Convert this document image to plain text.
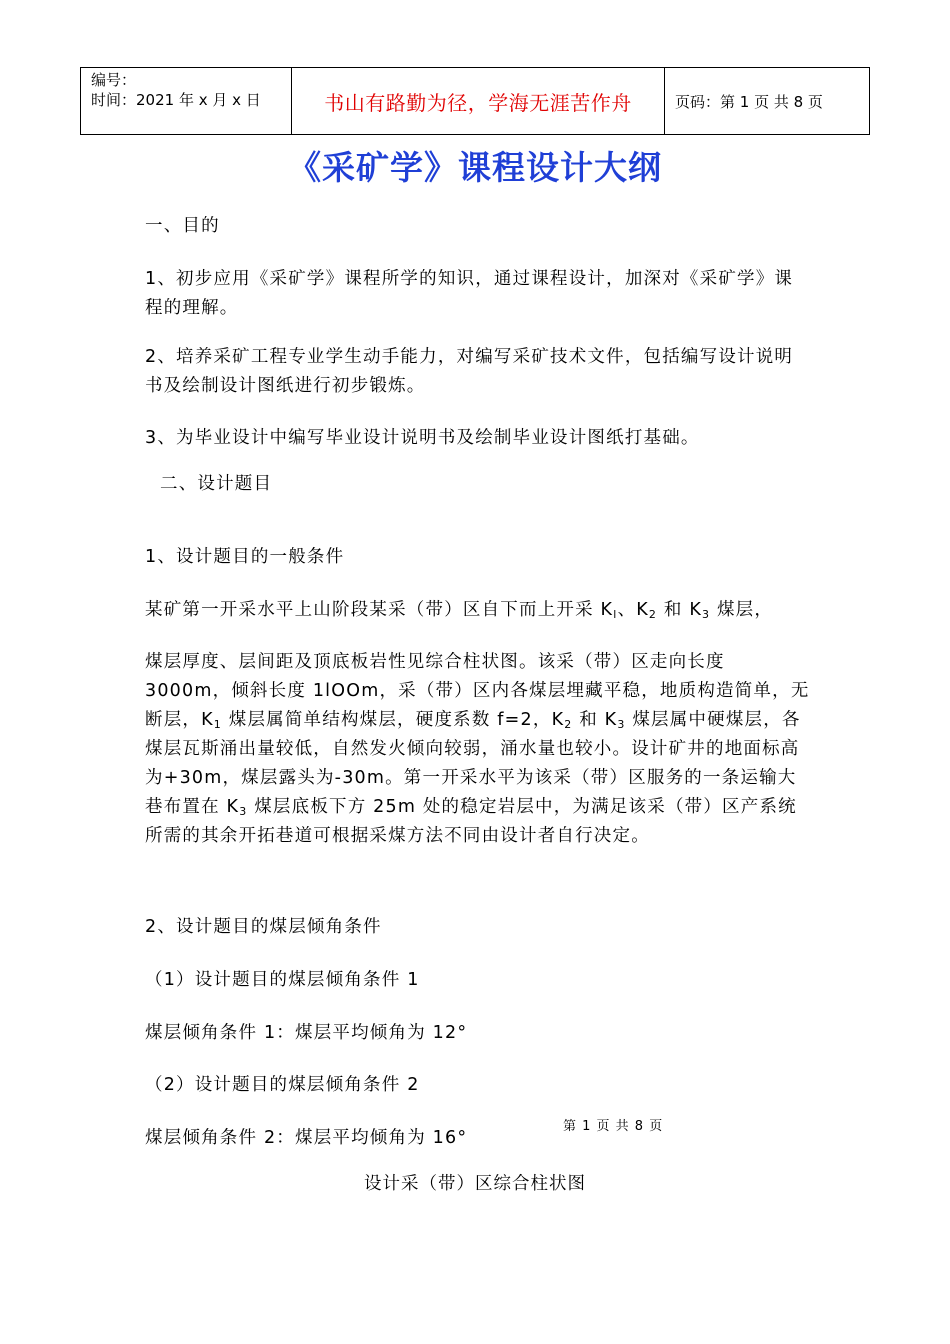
编号：
时间：2021 年 x 月 x 日	书山有路勤为径，学海无涯苦作舟	页码：第 1 页 共 8 页
《采矿学》课程设计大纲

一、目的

1、初步应用《采矿学》课程所学的知识，通过课程设计，加深对《采矿学》课程的理解。

2、培养采矿工程专业学生动手能力，对编写采矿技术文件，包括编写设计说明书及绘制设计图纸进行初步锻炼。

3、为毕业设计中编写毕业设计说明书及绘制毕业设计图纸打基础。

二、设计题目

1、设计题目的一般条件

某矿第一开采水平上山阶段某采（带）区自下而上开采 $K_l$、$K_2$ 和 $K_3$ 煤层，

煤层厚度、层间距及顶底板岩性见综合柱状图。该采（带）区走向长度 3000m，倾斜长度 1lOOm，采（带）区内各煤层埋藏平稳，地质构造简单，无断层，$K_1$ 煤层属简单结构煤层，硬度系数 f=2，$K_2$ 和 $K_3$ 煤层属中硬煤层，各煤层瓦斯涌出量较低，自然发火倾向较弱，涌水量也较小。设计矿井的地面标高为+30m，煤层露头为-30m。第一开采水平为该采（带）区服务的一条运输大巷布置在 $K_3$ 煤层底板下方 25m 处的稳定岩层中，为满足该采（带）区产系统所需的其余开拓巷道可根据采煤方法不同由设计者自行决定。

2、设计题目的煤层倾角条件

（1）设计题目的煤层倾角条件 1

煤层倾角条件 1：煤层平均倾角为 12°

（2）设计题目的煤层倾角条件 2

煤层倾角条件 2：煤层平均倾角为 16°

第 1 页 共 8 页
设计采（带）区综合柱状图
